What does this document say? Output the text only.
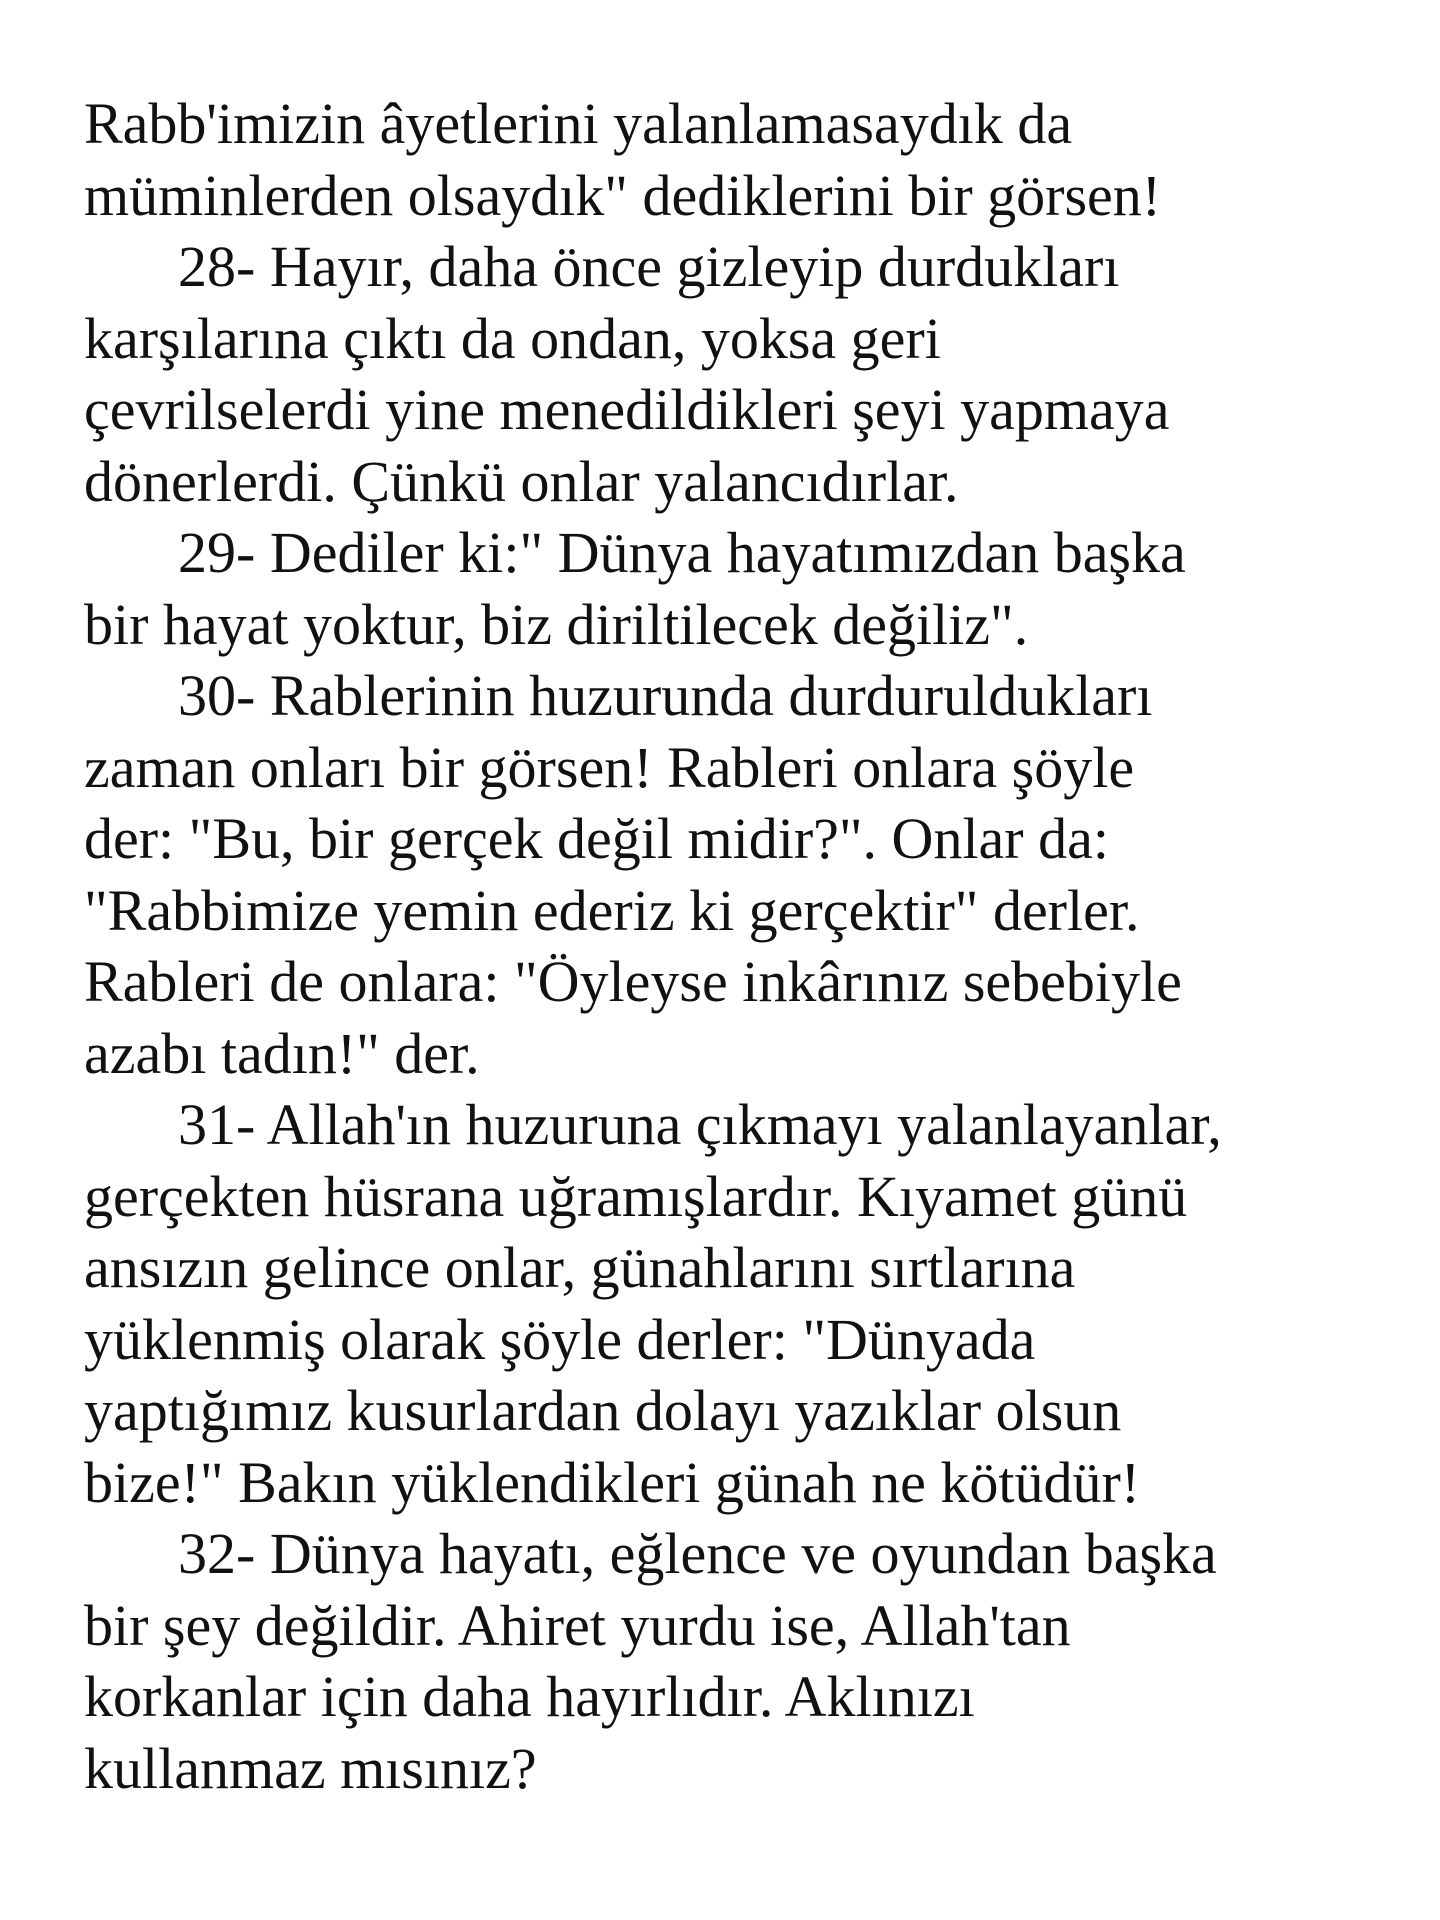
Rabb'imizin âyetlerini yalanlamasaydık da
müminlerden olsaydık" dediklerini bir görsen!
28- Hayır, daha önce gizleyip durdukları
karşılarına çıktı da ondan, yoksa geri
çevrilselerdi yine menedildikleri şeyi yapmaya
dönerlerdi. Çünkü onlar yalancıdırlar.
29- Dediler ki:" Dünya hayatımızdan başka
bir hayat yoktur, biz diriltilecek değiliz".
30- Rablerinin huzurunda durduruldukları
zaman onları bir görsen! Rableri onlara şöyle
der: "Bu, bir gerçek değil midir?". Onlar da:
"Rabbimize yemin ederiz ki gerçektir" derler.
Rableri de onlara: "Öyleyse inkârınız sebebiyle
azabı tadın!" der.
31- Allah'ın huzuruna çıkmayı yalanlayanlar,
gerçekten hüsrana uğramışlardır. Kıyamet günü
ansızın gelince onlar, günahlarını sırtlarına
yüklenmiş olarak şöyle derler: "Dünyada
yaptığımız kusurlardan dolayı yazıklar olsun
bize!" Bakın yüklendikleri günah ne kötüdür!
32- Dünya hayatı, eğlence ve oyundan başka
bir şey değildir. Ahiret yurdu ise, Allah'tan
korkanlar için daha hayırlıdır. Aklınızı
kullanmaz mısınız?
